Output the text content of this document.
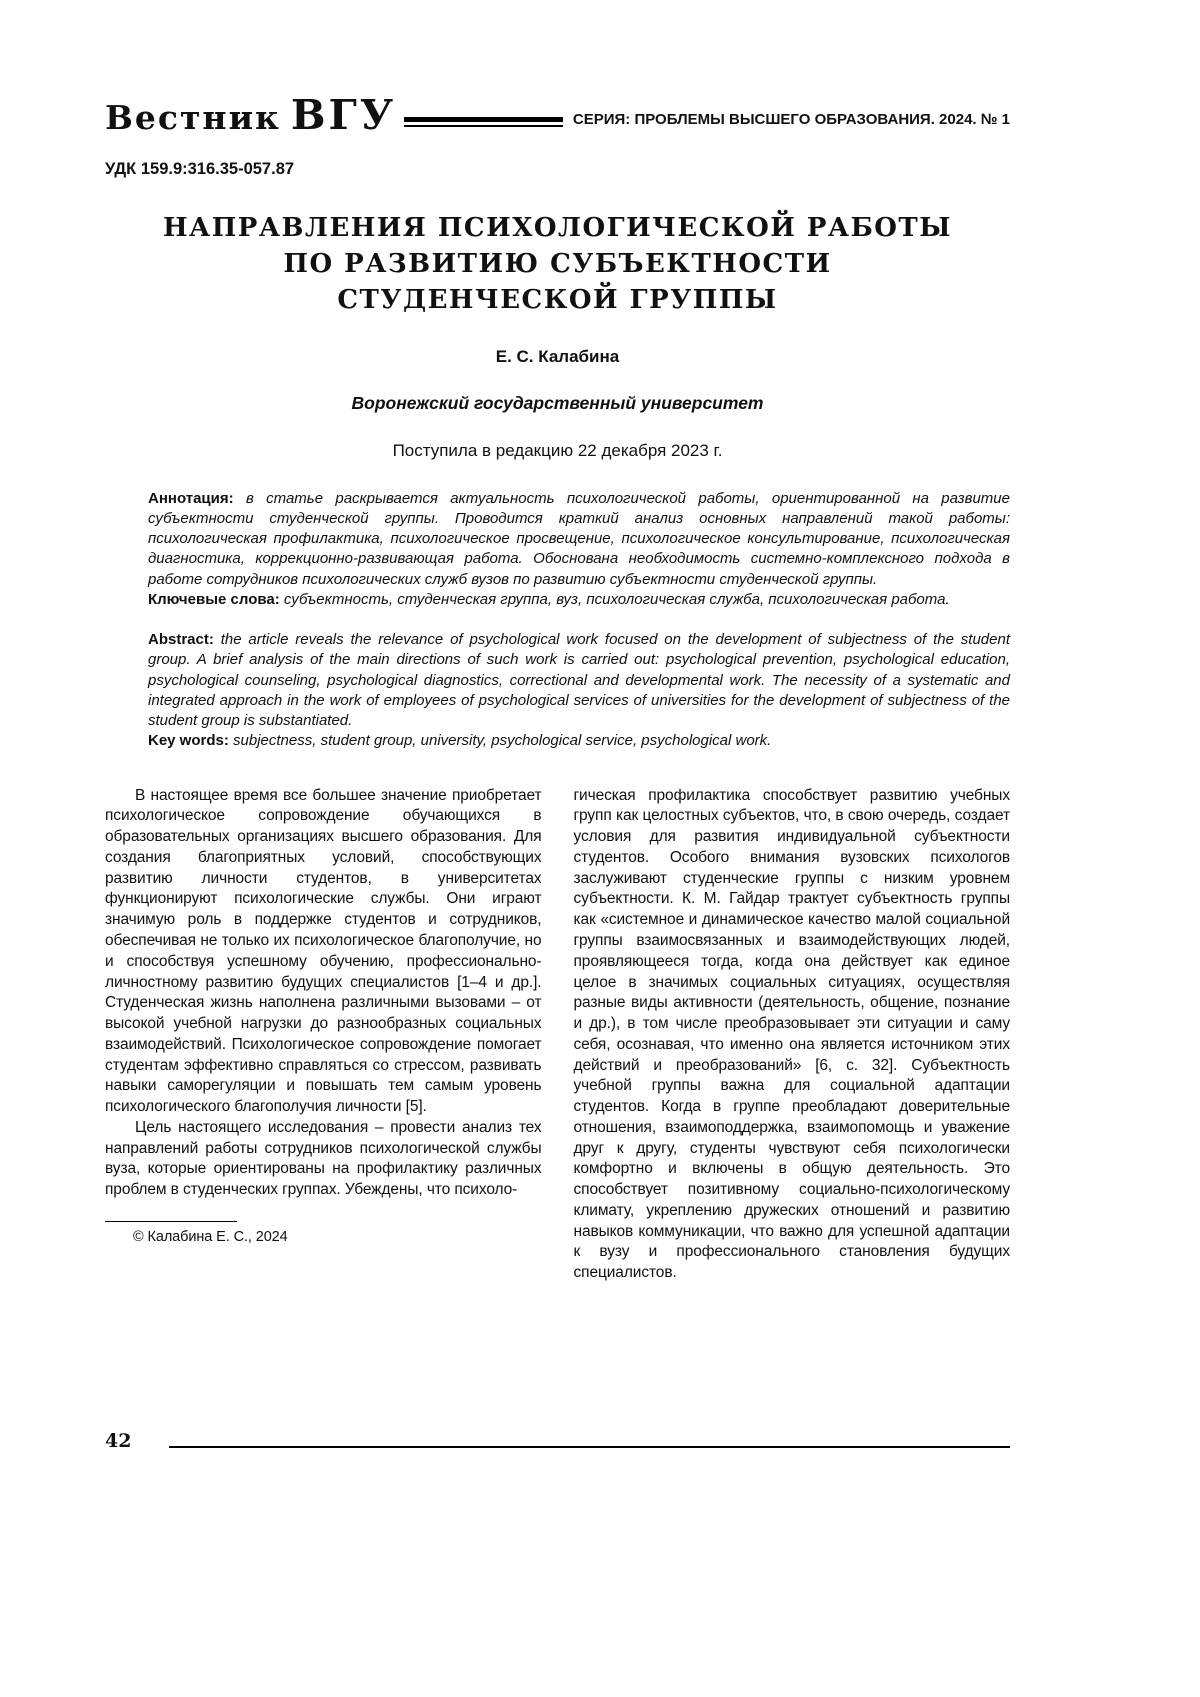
Вестник ВГУ	СЕРИЯ: ПРОБЛЕМЫ ВЫСШЕГО ОБРАЗОВАНИЯ. 2024. № 1
УДК 159.9:316.35-057.87
НАПРАВЛЕНИЯ ПСИХОЛОГИЧЕСКОЙ РАБОТЫ
ПО РАЗВИТИЮ СУБЪЕКТНОСТИ
СТУДЕНЧЕСКОЙ ГРУППЫ
Е. С. Калабина
Воронежский государственный университет
Поступила в редакцию 22 декабря 2023 г.

Аннотация: в статье раскрывается актуальность психологической работы, ориентированной на развитие субъектности студенческой группы. Проводится краткий анализ основных направлений такой работы: психологическая профилактика, психологическое просвещение, психологическое консультирование, психологическая диагностика, коррекционно-развивающая работа. Обоснована необходимость системно-комплексного подхода в работе сотрудников психологических служб вузов по развитию субъектности студенческой группы.

Ключевые слова: субъектность, студенческая группа, вуз, психологическая служба, психологическая работа.

Abstract: the article reveals the relevance of psychological work focused on the development of subjectness of the student group. A brief analysis of the main directions of such work is carried out: psychological prevention, psychological education, psychological counseling, psychological diagnostics, correctional and developmental work. The necessity of a systematic and integrated approach in the work of employees of psychological services of universities for the development of subjectness of the student group is substantiated.

Key words: subjectness, student group, university, psychological service, psychological work.

В настоящее время все большее значение приобретает психологическое сопровождение обучающихся в образовательных организациях высшего образования. Для создания благоприятных условий, способствующих развитию личности студентов, в университетах функционируют психологические службы. Они играют значимую роль в поддержке студентов и сотрудников, обеспечивая не только их психологическое благополучие, но и способствуя успешному обучению, профессионально-личностному развитию будущих специалистов [1–4 и др.]. Студенческая жизнь наполнена различными вызовами – от высокой учебной нагрузки до разнообразных социальных взаимодействий. Психологическое сопровождение помогает студентам эффективно справляться со стрессом, развивать навыки саморегуляции и повышать тем самым уровень психологического благополучия личности [5].

Цель настоящего исследования – провести анализ тех направлений работы сотрудников психологической службы вуза, которые ориентированы на профилактику различных проблем в студенческих группах. Убеждены, что психоло-

© Калабина Е. С., 2024

гическая профилактика способствует развитию учебных групп как целостных субъектов, что, в свою очередь, создает условия для развития индивидуальной субъектности студентов. Особого внимания вузовских психологов заслуживают студенческие группы с низким уровнем субъектности. К. М. Гайдар трактует субъектность группы как «системное и динамическое качество малой социальной группы взаимосвязанных и взаимодействующих людей, проявляющееся тогда, когда она действует как единое целое в значимых социальных ситуациях, осуществляя разные виды активности (деятельность, общение, познание и др.), в том числе преобразовывает эти ситуации и саму себя, осознавая, что именно она является источником этих действий и преобразований» [6, с. 32]. Субъектность учебной группы важна для социальной адаптации студентов. Когда в группе преобладают доверительные отношения, взаимоподдержка, взаимопомощь и уважение друг к другу, студенты чувствуют себя психологически комфортно и включены в общую деятельность. Это способствует позитивному социально-психологическому климату, укреплению дружеских отношений и развитию навыков коммуникации, что важно для успешной адаптации к вузу и профессионального становления будущих специалистов.

42
